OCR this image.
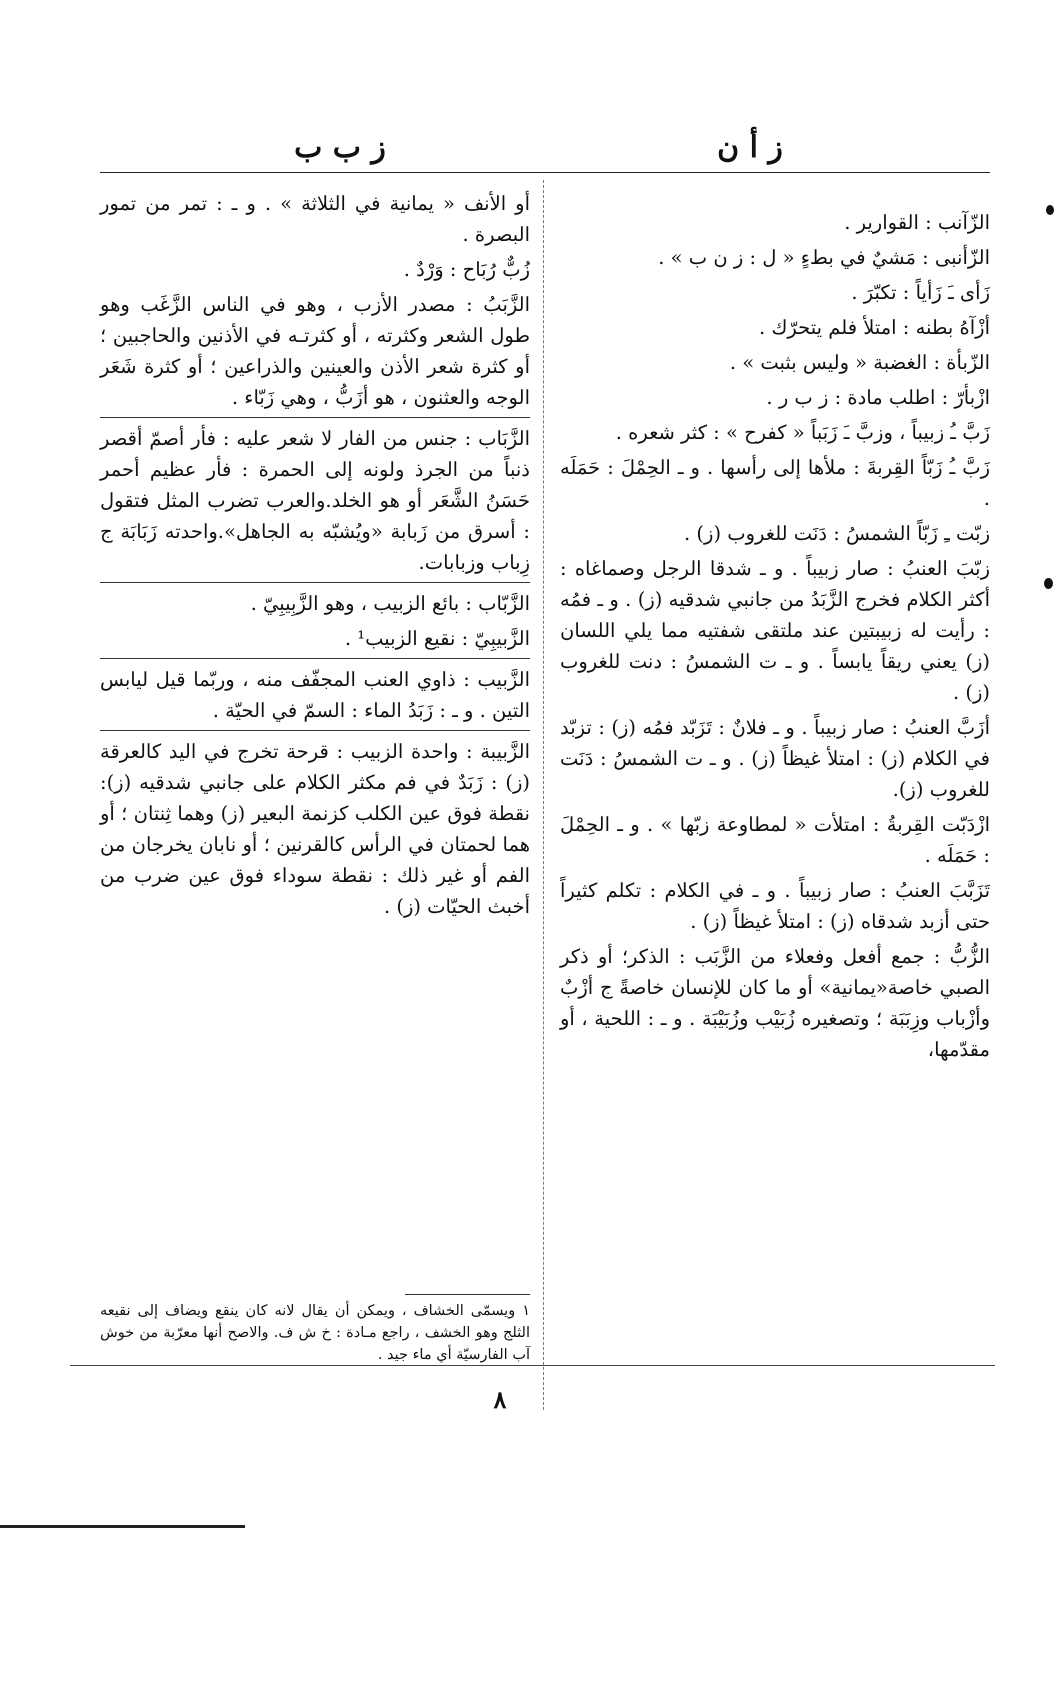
ز أ ن
ز ب ب
الزّآنب : القوارير .
الزّأنبى : مَشيٌ في بطءٍ « ل : ز ن ب » .
زَأى ـَ زَأياً : تكبّرَ .
أزْآهُ بطنه : امتلأ فلم يتحرّك .
الزّبأة : الغضبة « وليس بثبت » .
ازْبأرّ : اطلب مادة : ز ب ر .
زَبَّ ـُ زبيباً ، وزبَّ ـَ زَبَباً « كفرح » : كثر شعره .
زَبَّ ـُ زَبّاً القِربةَ : ملأها إلى رأسها . و ـ الحِمْلَ : حَمَلَه .
زبّت ـِ زَبّاً الشمسُ : دَنَت للغروب (ز) .
زبّبَ العنبُ : صار زبيباً . و ـ شدقا الرجل وصماغاه : أكثر الكلام فخرج الزَّبَدُ من جانبي شدقيه (ز) . و ـ فمُه : رأيت له زبيبتين عند ملتقى شفتيه مما يلي اللسان (ز) يعني ريقاً يابساً . و ـ ت الشمسُ : دنت للغروب (ز) .
أزَبَّ العنبُ : صار زبيباً . و ـ فلانٌ : تَزَبّد فمُه (ز) : تزبّد في الكلام (ز) : امتلأ غيظاً (ز) . و ـ ت الشمسُ : دَنَت للغروب (ز).
ازْدَبّت القِربةُ : امتلأت « لمطاوعة زبّها » . و ـ الحِمْلَ : حَمَلَه .
تَزَبَّبَ العنبُ : صار زبيباً . و ـ في الكلام : تكلم كثيراً حتى أزبد شدقاه (ز) : امتلأ غيظاً (ز) .
الزُّبُّ : جمع أفعل وفعلاء من الزَّبَب : الذكر؛ أو ذكر الصبي خاصة«يمانية» أو ما كان للإنسان خاصةً ج أزْبٌ وأزْباب وزِبَبَة ؛ وتصغيره زُبَيْب وزُبَيْبَة . و ـ : اللحية ، أو مقدّمها،
أو الأنف « يمانية في الثلاثة » . و ـ : تمر من تمور البصرة .
زُبٌّ رُبَاح : وَرْدٌ .
الزَّبَبُ : مصدر الأزب ، وهو في الناس الزَّغَب وهو طول الشعر وكثرته ، أو كثرتـه في الأذنين والحاجبين ؛ أو كثرة شعر الأذن والعينين والذراعين ؛ أو كثرة شَعَر الوجه والعثنون ، هو أزَبُّ ، وهي زَبّاء .
الزَّبَاب : جنس من الفار لا شعر عليه : فأر أصمّ أقصر ذنباً من الجرذ ولونه إلى الحمرة : فأر عظيم أحمر حَسَنُ الشَّعَر أو هو الخلد.والعرب تضرب المثل فتقول : أسرق من زَبابة «ويُشبّه به الجاهل».واحدته زَبَابَة ج زِباب وزبابات.
الزَّبّاب : بائع الزبيب ، وهو الزَّبِيبِيّ .
الزَّبيبِيّ : نقيع الزبيب¹ .
الزَّبيب : ذاوي العنب المجفّف منه ، وربّما قيل ليابس التين . و ـ : زَبَدُ الماء : السمّ في الحيّة .
الزَّبيبة : واحدة الزبيب : قرحة تخرج في اليد كالعرقة (ز) : زَبَدٌ في فم مكثر الكلام على جانبي شدقيه (ز): نقطة فوق عين الكلب كزنمة البعير (ز) وهما ثِنتان ؛ أو هما لحمتان في الرأس كالقرنين ؛ أو نابان يخرجان من الفم أو غير ذلك : نقطة سوداء فوق عين ضرب من أخبث الحيّات (ز) .
١ ويسمّى الخشاف ، ويمكن أن يقال لانه كان ينقع ويضاف إلى نقيعه الثلج وهو الخشف ، راجع مـادة : خ ش ف. والاصح أنها معرّبة من خوش آب الفارسيّة أي ماء جيد .
٨
